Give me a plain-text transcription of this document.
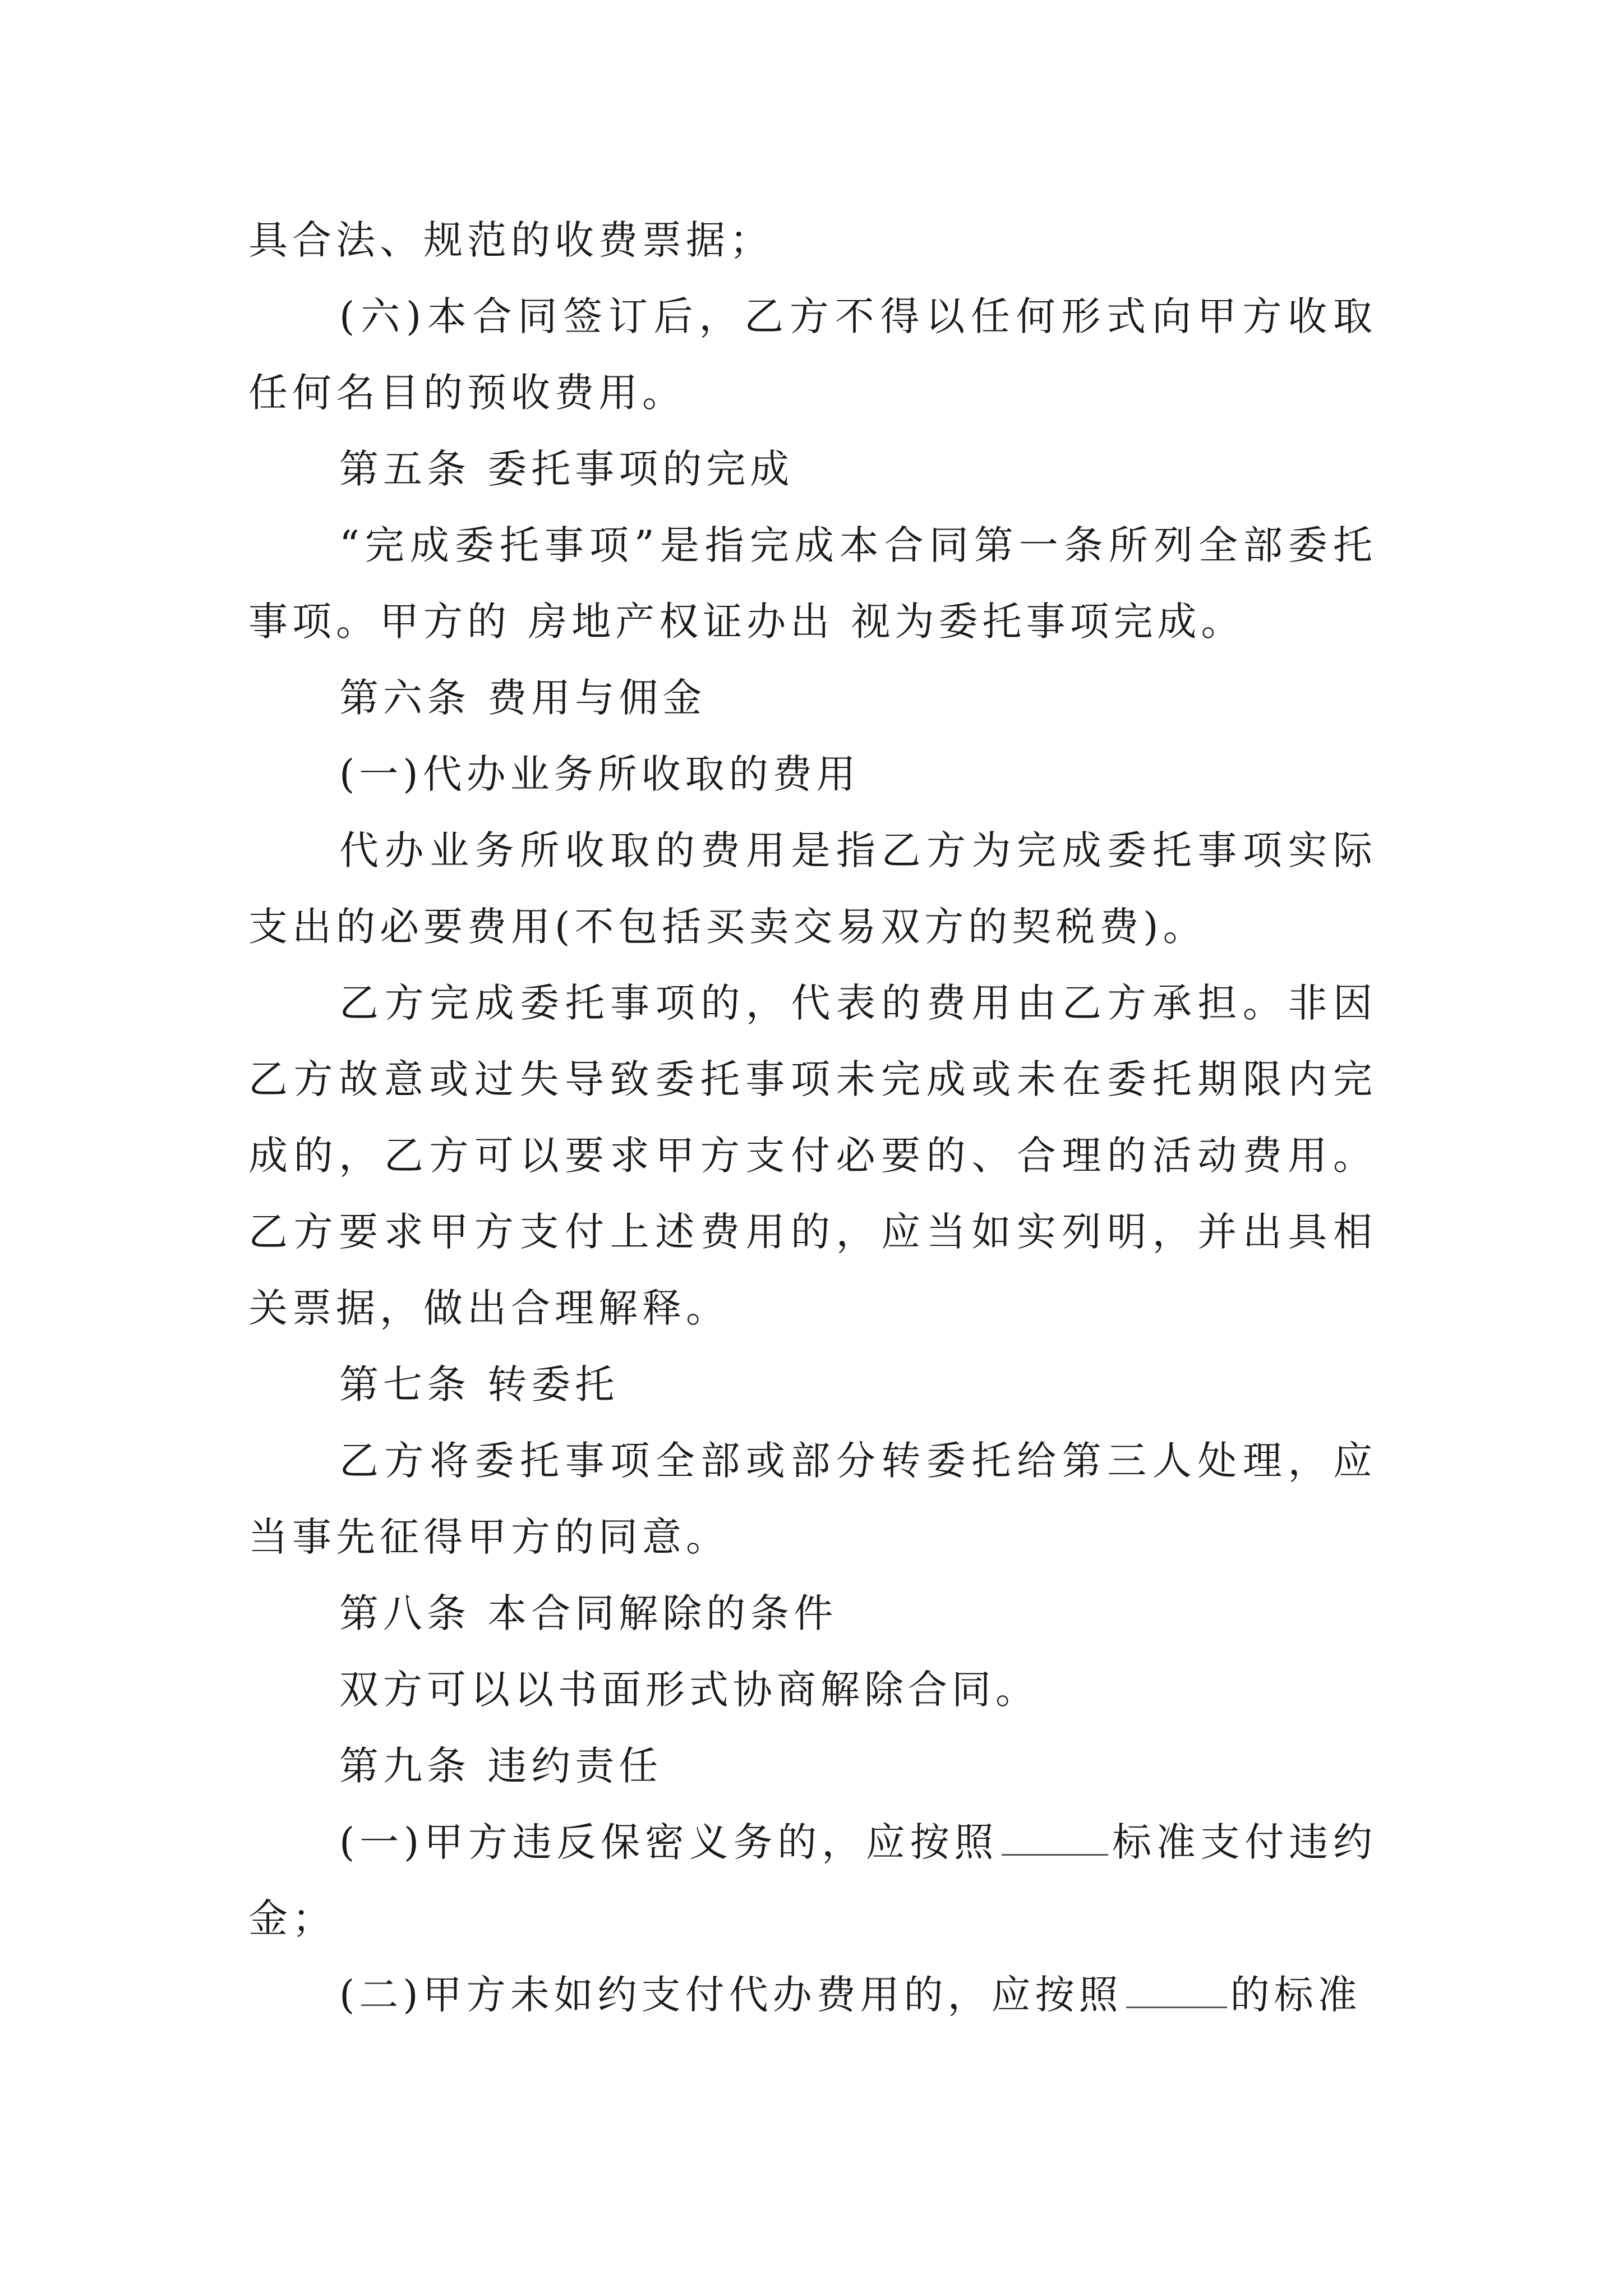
具合法、规范的收费票据；

(六)本合同签订后，乙方不得以任何形式向甲方收取任何名目的预收费用。

第五条 委托事项的完成

“完成委托事项”是指完成本合同第一条所列全部委托事项。甲方的 房地产权证办出 视为委托事项完成。

第六条 费用与佣金

(一)代办业务所收取的费用

代办业务所收取的费用是指乙方为完成委托事项实际支出的必要费用(不包括买卖交易双方的契税费)。

乙方完成委托事项的，代表的费用由乙方承担。非因乙方故意或过失导致委托事项未完成或未在委托期限内完成的，乙方可以要求甲方支付必要的、合理的活动费用。乙方要求甲方支付上述费用的，应当如实列明，并出具相关票据，做出合理解释。

第七条 转委托

乙方将委托事项全部或部分转委托给第三人处理，应当事先征得甲方的同意。

第八条 本合同解除的条件

双方可以以书面形式协商解除合同。

第九条 违约责任

(一)甲方违反保密义务的，应按照	标准支付违约金；

(二)甲方未如约支付代办费用的，应按照	的标准
